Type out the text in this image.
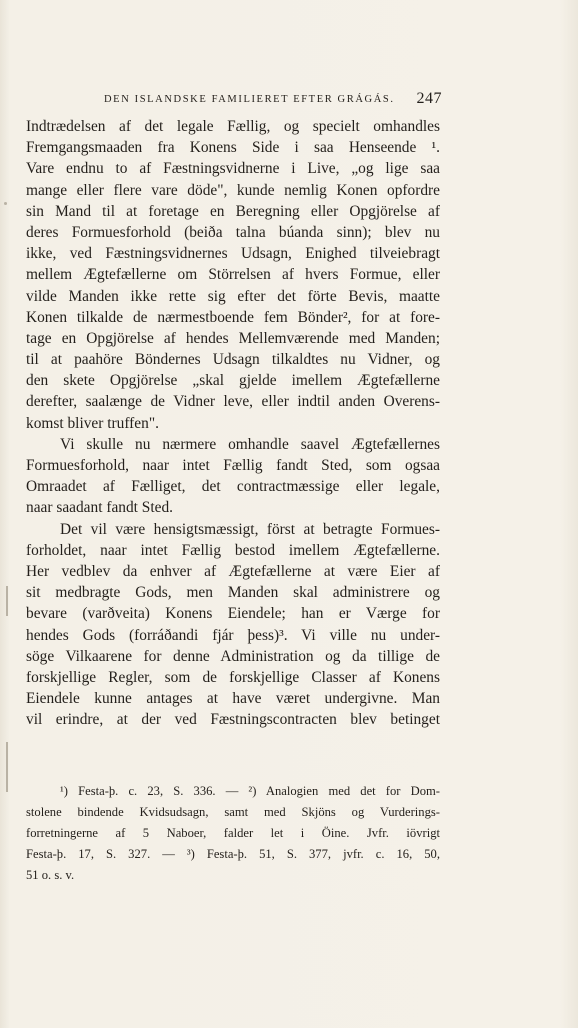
DEN ISLANDSKE FAMILIERET EFTER GRÁGÁS. 247
Indtrædelsen af det legale Fællig, og specielt omhandles
Fremgangsmaaden fra Konens Side i saa Henseende ¹.
Vare endnu to af Fæstningsvidnerne i Live, „og lige saa
mange eller flere vare döde", kunde nemlig Konen opfordre
sin Mand til at foretage en Beregning eller Opgjörelse af
deres Formuesforhold (beiða talna búanda sinn); blev nu
ikke, ved Fæstningsvidnernes Udsagn, Enighed tilveiebragt
mellem Ægtefællerne om Störrelsen af hvers Formue, eller
vilde Manden ikke rette sig efter det förte Bevis, maatte
Konen tilkalde de nærmestboende fem Bönder², for at fore-
tage en Opgjörelse af hendes Mellemværende med Manden;
til at paahöre Böndernes Udsagn tilkaldtes nu Vidner, og
den skete Opgjörelse „skal gjelde imellem Ægtefællerne
derefter, saalænge de Vidner leve, eller indtil anden Overens-
komst bliver truffen".
Vi skulle nu nærmere omhandle saavel Ægtefællernes
Formuesforhold, naar intet Fællig fandt Sted, som ogsaa
Omraadet af Fælliget, det contractmæssige eller legale,
naar saadant fandt Sted.
Det vil være hensigtsmæssigt, först at betragte Formues-
forholdet, naar intet Fællig bestod imellem Ægtefællerne.
Her vedblev da enhver af Ægtefællerne at være Eier af
sit medbragte Gods, men Manden skal administrere og
bevare (varðveita) Konens Eiendele; han er Værge for
hendes Gods (forráðandi fjár þess)³. Vi ville nu under-
söge Vilkaarene for denne Administration og da tillige de
forskjellige Regler, som de forskjellige Classer af Konens
Eiendele kunne antages at have været undergivne. Man
vil erindre, at der ved Fæstningscontracten blev betinget
¹) Festa-þ. c. 23, S. 336. — ²) Analogien med det for Dom-
stolene bindende Kvidsudsagn, samt med Skjöns og Vurderings-
forretningerne af 5 Naboer, falder let i Öine. Jvfr. iövrigt
Festa-þ. 17, S. 327. — ³) Festa-þ. 51, S. 377, jvfr. c. 16, 50,
51 o. s. v.
